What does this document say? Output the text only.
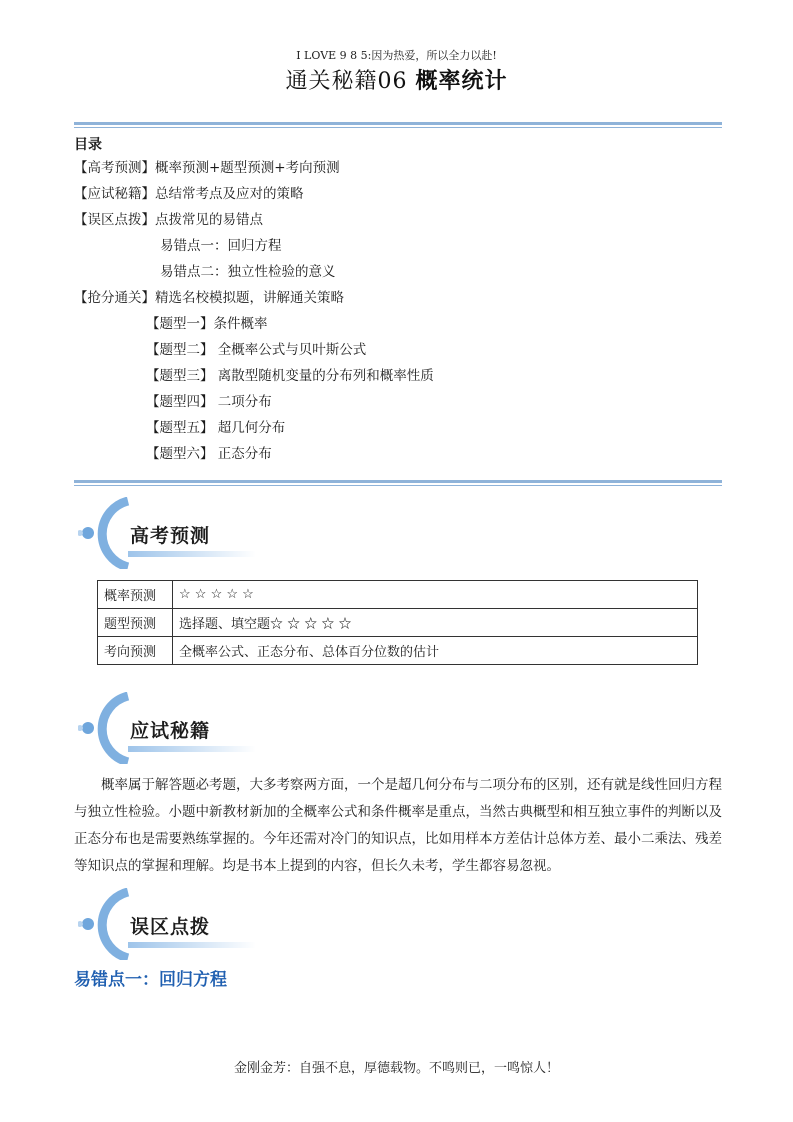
I LOVE 9 8 5:因为热爱，所以全力以赴!
通关秘籍06 概率统计
目录
【高考预测】概率预测+题型预测+考向预测
【应试秘籍】总结常考点及应对的策略
【误区点拨】点拨常见的易错点
易错点一：回归方程
易错点二：独立性检验的意义
【抢分通关】精选名校模拟题，讲解通关策略
【题型一】条件概率
【题型二】 全概率公式与贝叶斯公式
【题型三】 离散型随机变量的分布列和概率性质
【题型四】 二项分布
【题型五】 超几何分布
【题型六】 正态分布
高考预测
概率预测	☆ ☆ ☆ ☆ ☆
题型预测	选择题、填空题☆ ☆ ☆ ☆ ☆
考向预测	全概率公式、正态分布、总体百分位数的估计
应试秘籍
概率属于解答题必考题，大多考察两方面，一个是超几何分布与二项分布的区别，还有就是线性回归方程与独立性检验。小题中新教材新加的全概率公式和条件概率是重点，当然古典概型和相互独立事件的判断以及正态分布也是需要熟练掌握的。今年还需对冷门的知识点，比如用样本方差估计总体方差、最小二乘法、残差等知识点的掌握和理解。均是书本上提到的内容，但长久未考，学生都容易忽视。
误区点拨
易错点一：回归方程
金刚金芳：自强不息，厚德载物。不鸣则已，一鸣惊人！
